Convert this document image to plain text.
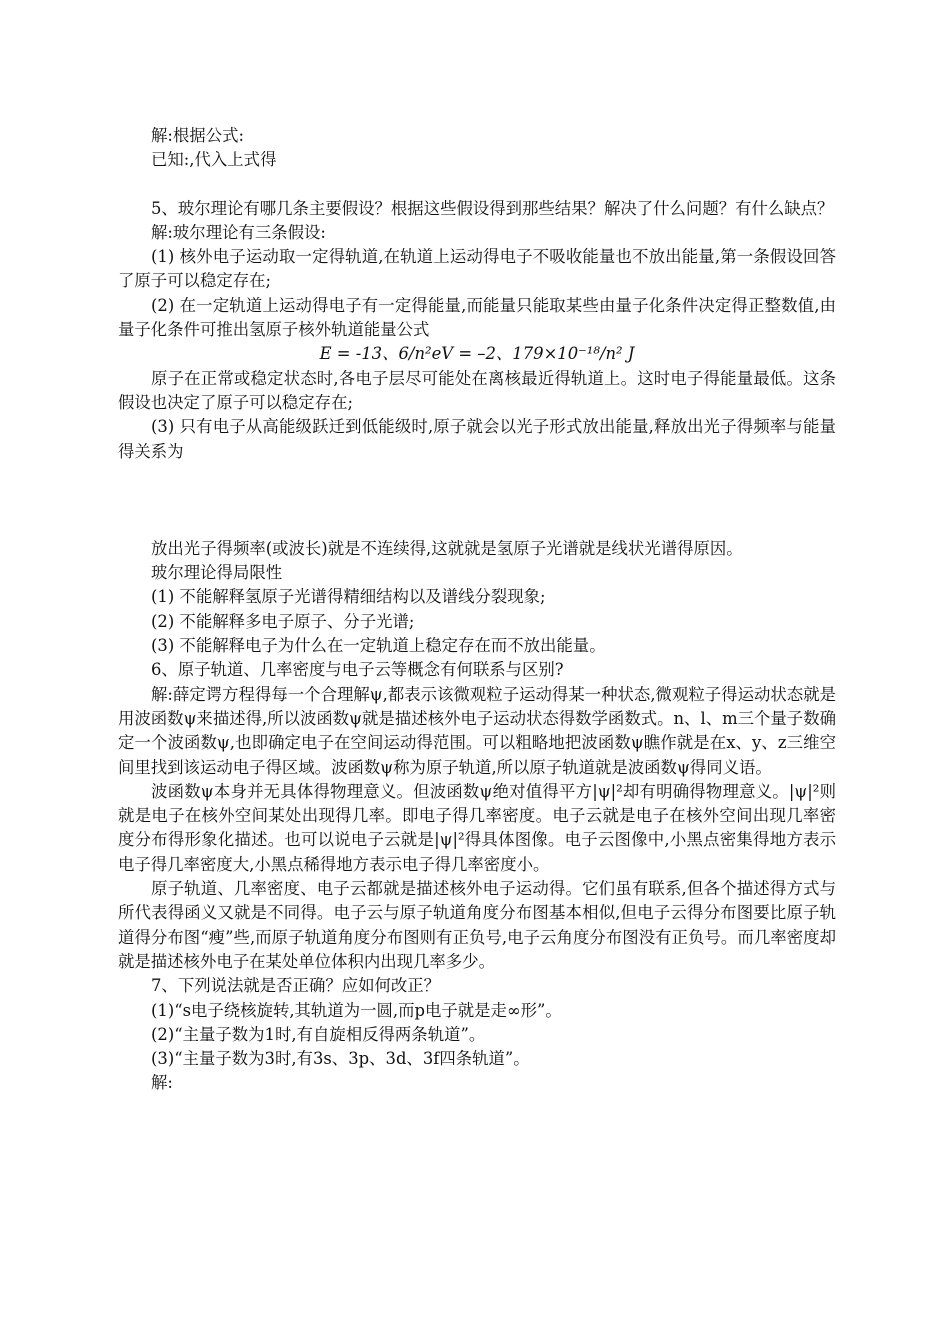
解:根据公式:

已知:,代入上式得

5、玻尔理论有哪几条主要假设？根据这些假设得到那些结果？解决了什么问题？有什么缺点？

解:玻尔理论有三条假设:

(1) 核外电子运动取一定得轨道,在轨道上运动得电子不吸收能量也不放出能量,第一条假设回答了原子可以稳定存在;

(2) 在一定轨道上运动得电子有一定得能量,而能量只能取某些由量子化条件决定得正整数值,由量子化条件可推出氢原子核外轨道能量公式

E = -13、6/n²eV = –2、179×10⁻¹⁸/n² J

原子在正常或稳定状态时,各电子层尽可能处在离核最近得轨道上。这时电子得能量最低。这条假设也决定了原子可以稳定存在;

(3) 只有电子从高能级跃迁到低能级时,原子就会以光子形式放出能量,释放出光子得频率与能量得关系为

放出光子得频率(或波长)就是不连续得,这就就是氢原子光谱就是线状光谱得原因。

玻尔理论得局限性

(1) 不能解释氢原子光谱得精细结构以及谱线分裂现象;

(2) 不能解释多电子原子、分子光谱;

(3) 不能解释电子为什么在一定轨道上稳定存在而不放出能量。

6、原子轨道、几率密度与电子云等概念有何联系与区别?

解:薛定谔方程得每一个合理解ψ,都表示该微观粒子运动得某一种状态,微观粒子得运动状态就是用波函数ψ来描述得,所以波函数ψ就是描述核外电子运动状态得数学函数式。n、l、m三个量子数确定一个波函数ψ,也即确定电子在空间运动得范围。可以粗略地把波函数ψ瞧作就是在x、y、z三维空间里找到该运动电子得区域。波函数ψ称为原子轨道,所以原子轨道就是波函数ψ得同义语。

波函数ψ本身并无具体得物理意义。但波函数ψ绝对值得平方|ψ|²却有明确得物理意义。|ψ|²则就是电子在核外空间某处出现得几率。即电子得几率密度。电子云就是电子在核外空间出现几率密度分布得形象化描述。也可以说电子云就是|ψ|²得具体图像。电子云图像中,小黑点密集得地方表示电子得几率密度大,小黑点稀得地方表示电子得几率密度小。

原子轨道、几率密度、电子云都就是描述核外电子运动得。它们虽有联系,但各个描述得方式与所代表得函义又就是不同得。电子云与原子轨道角度分布图基本相似,但电子云得分布图要比原子轨道得分布图“瘦”些,而原子轨道角度分布图则有正负号,电子云角度分布图没有正负号。而几率密度却就是描述核外电子在某处单位体积内出现几率多少。

7、下列说法就是否正确？应如何改正？

(1)“s电子绕核旋转,其轨道为一圆,而p电子就是走∞形”。

(2)“主量子数为1时,有自旋相反得两条轨道”。

(3)“主量子数为3时,有3s、3p、3d、3f四条轨道”。

解:
